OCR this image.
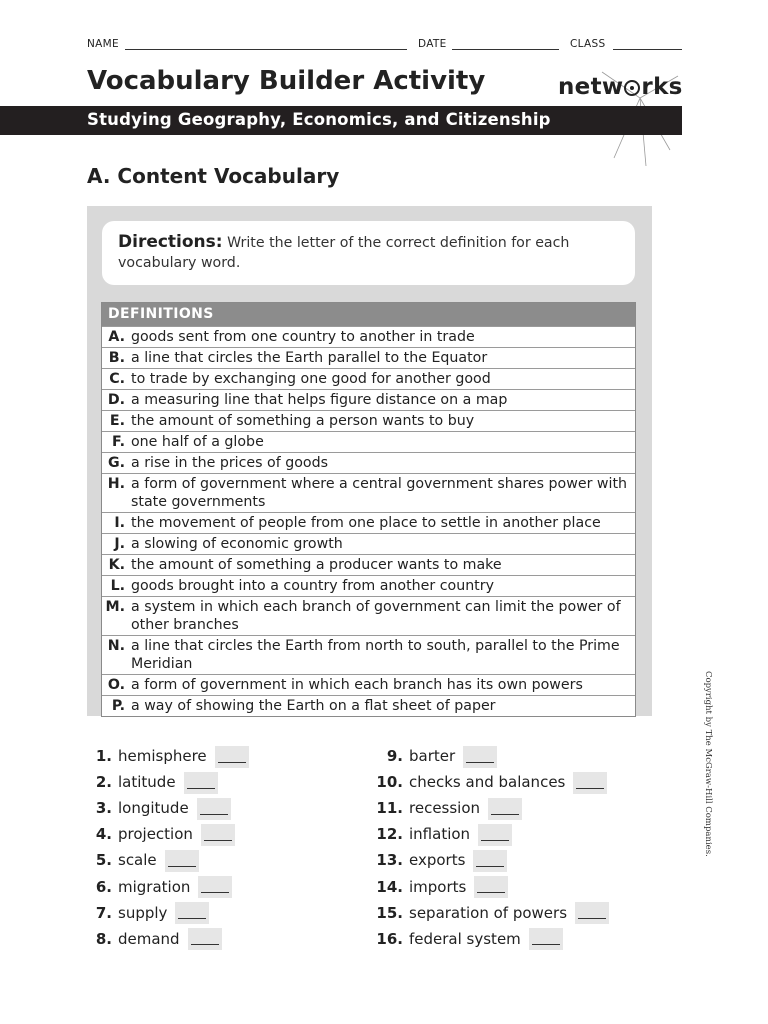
NAME	DATE	CLASS
Vocabulary Builder Activity
Studying Geography, Economics, and Citizenship
netw rks
A. Content Vocabulary
Directions: Write the letter of the correct definition for each vocabulary word.
DEFINITIONS
A. goods sent from one country to another in trade
B. a line that circles the Earth parallel to the Equator
C. to trade by exchanging one good for another good
D. a measuring line that helps figure distance on a map
E. the amount of something a person wants to buy
F. one half of a globe
G. a rise in the prices of goods
H. a form of government where a central government shares power with state governments
I. the movement of people from one place to settle in another place
J. a slowing of economic growth
K. the amount of something a producer wants to make
L. goods brought into a country from another country
M. a system in which each branch of government can limit the power of other branches
N. a line that circles the Earth from north to south, parallel to the Prime Meridian
O. a form of government in which each branch has its own powers
P. a way of showing the Earth on a flat sheet of paper
1. hemisphere
2. latitude
3. longitude
4. projection
5. scale
6. migration
7. supply
8. demand
9. barter
10. checks and balances
11. recession
12. inflation
13. exports
14. imports
15. separation of powers
16. federal system
Copyright by The McGraw-Hill Companies.
